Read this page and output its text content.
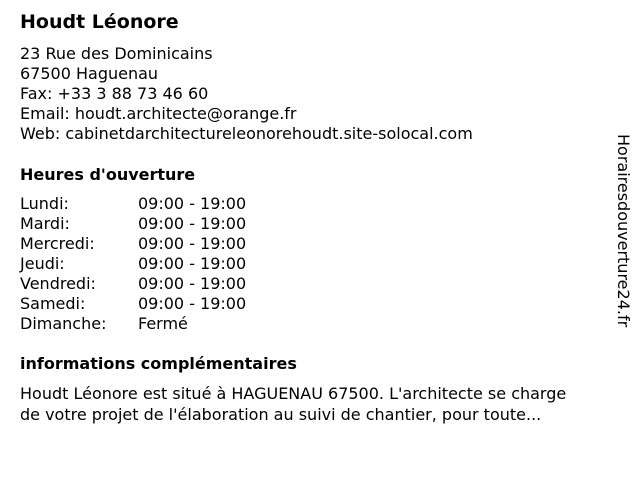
Houdt Léonore
23 Rue des Dominicains
67500 Haguenau
Fax: +33 3 88 73 46 60
Email: houdt.architecte@orange.fr
Web: cabinetdarchitectureleonorehoudt.site-solocal.com
Heures d'ouverture
Lundi:	09:00 - 19:00
Mardi:	09:00 - 19:00
Mercredi:	09:00 - 19:00
Jeudi:	09:00 - 19:00
Vendredi:	09:00 - 19:00
Samedi:	09:00 - 19:00
Dimanche: Fermé
informations complémentaires
Houdt Léonore est situé à HAGUENAU 67500. L'architecte se charge
de votre projet de l'élaboration au suivi de chantier, pour toute...
Horairesdouverture24.fr
